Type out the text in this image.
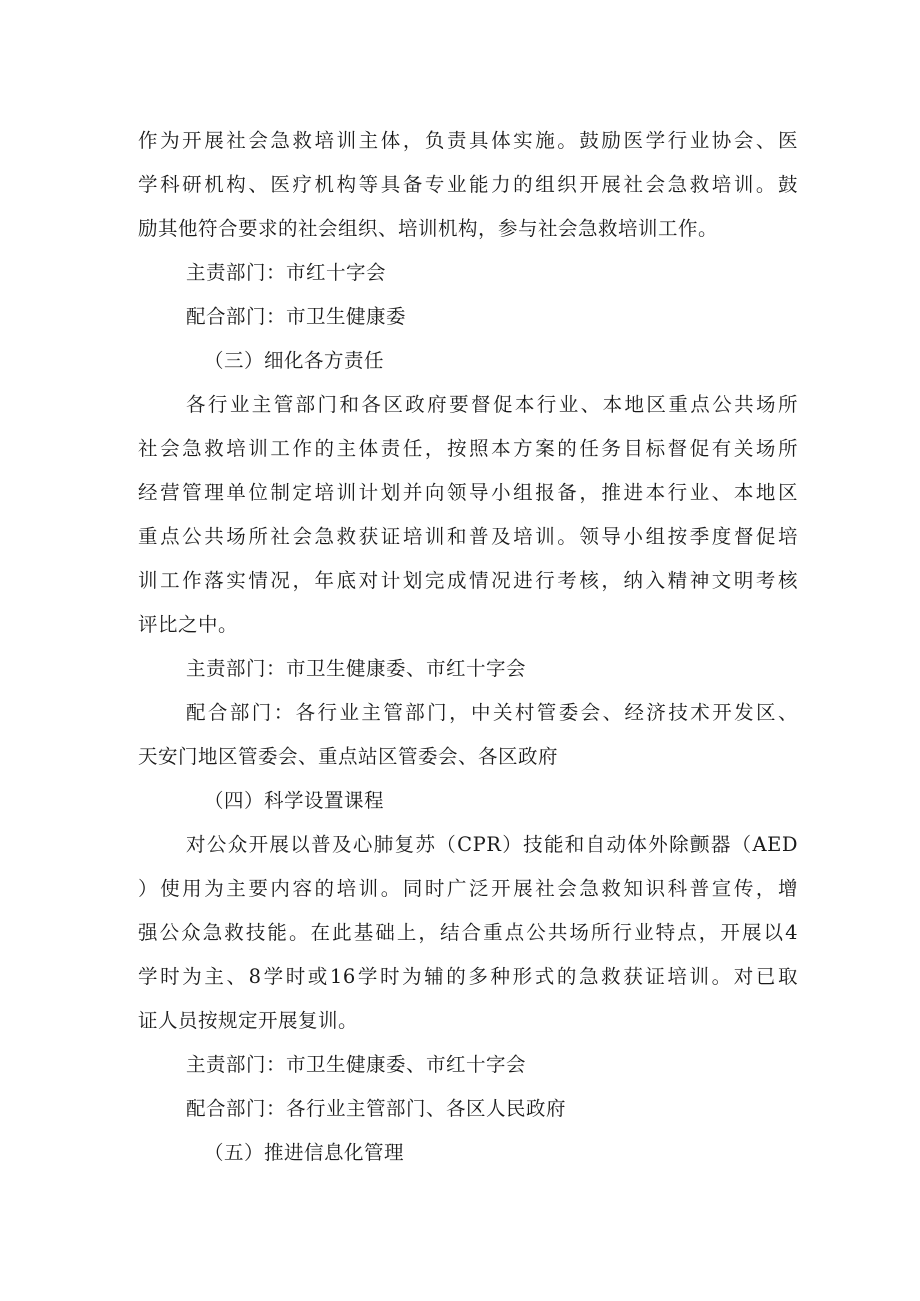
作为开展社会急救培训主体，负责具体实施。鼓励医学行业协会、医
学科研机构、医疗机构等具备专业能力的组织开展社会急救培训。鼓
励其他符合要求的社会组织、培训机构，参与社会急救培训工作。
主责部门：市红十字会
配合部门：市卫生健康委
（三）细化各方责任
各行业主管部门和各区政府要督促本行业、本地区重点公共场所
社会急救培训工作的主体责任，按照本方案的任务目标督促有关场所
经营管理单位制定培训计划并向领导小组报备，推进本行业、本地区
重点公共场所社会急救获证培训和普及培训。领导小组按季度督促培
训工作落实情况，年底对计划完成情况进行考核，纳入精神文明考核
评比之中。
主责部门：市卫生健康委、市红十字会
配合部门：各行业主管部门，中关村管委会、经济技术开发区、
天安门地区管委会、重点站区管委会、各区政府
（四）科学设置课程
对公众开展以普及心肺复苏（CPR）技能和自动体外除颤器（AED
）使用为主要内容的培训。同时广泛开展社会急救知识科普宣传，增
强公众急救技能。在此基础上，结合重点公共场所行业特点，开展以4
学时为主、8学时或16学时为辅的多种形式的急救获证培训。对已取
证人员按规定开展复训。
主责部门：市卫生健康委、市红十字会
配合部门：各行业主管部门、各区人民政府
（五）推进信息化管理
